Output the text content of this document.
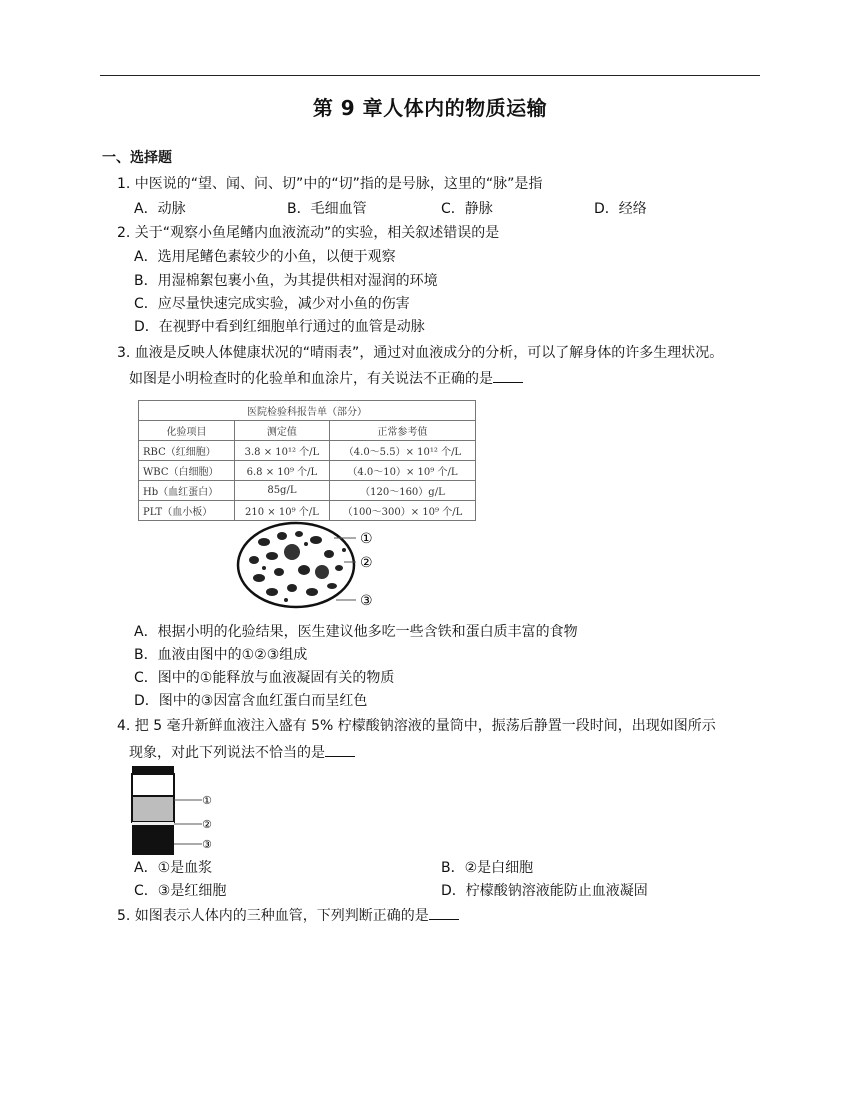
第 9 章人体内的物质运输
一、选择题
1. 中医说的“望、闻、问、切”中的“切”指的是号脉，这里的“脉”是指
A．动脉	B．毛细血管	C．静脉	D．经络
2. 关于“观察小鱼尾鳍内血液流动”的实验，相关叙述错误的是
A．选用尾鳍色素较少的小鱼，以便于观察
B．用湿棉絮包裹小鱼，为其提供相对湿润的环境
C．应尽量快速完成实验，减少对小鱼的伤害
D．在视野中看到红细胞单行通过的血管是动脉
3. 血液是反映人体健康状况的“晴雨表”，通过对血液成分的分析，可以了解身体的许多生理状况。
如图是小明检查时的化验单和血涂片，有关说法不正确的是
医院检验科报告单（部分）		
化验项目	测定值	正常参考值
RBC（红细胞）	3.8 × 10¹² 个/L	（4.0～5.5）× 10¹² 个/L
WBC（白细胞）	6.8 × 10⁹ 个/L	（4.0～10）× 10⁹ 个/L
Hb（血红蛋白）	85g/L	（120～160）g/L
PLT（血小板）	210 × 10⁹ 个/L	（100～300）× 10⁹ 个/L
①
②
③
A．根据小明的化验结果，医生建议他多吃一些含铁和蛋白质丰富的食物
B．血液由图中的①②③组成
C．图中的①能释放与血液凝固有关的物质
D．图中的③因富含血红蛋白而呈红色
4. 把 5 毫升新鲜血液注入盛有 5% 柠檬酸钠溶液的量筒中，振荡后静置一段时间，出现如图所示
现象，对此下列说法不恰当的是
①
②
③
A．①是血浆	B．②是白细胞
C．③是红细胞	D．柠檬酸钠溶液能防止血液凝固
5. 如图表示人体内的三种血管，下列判断正确的是
